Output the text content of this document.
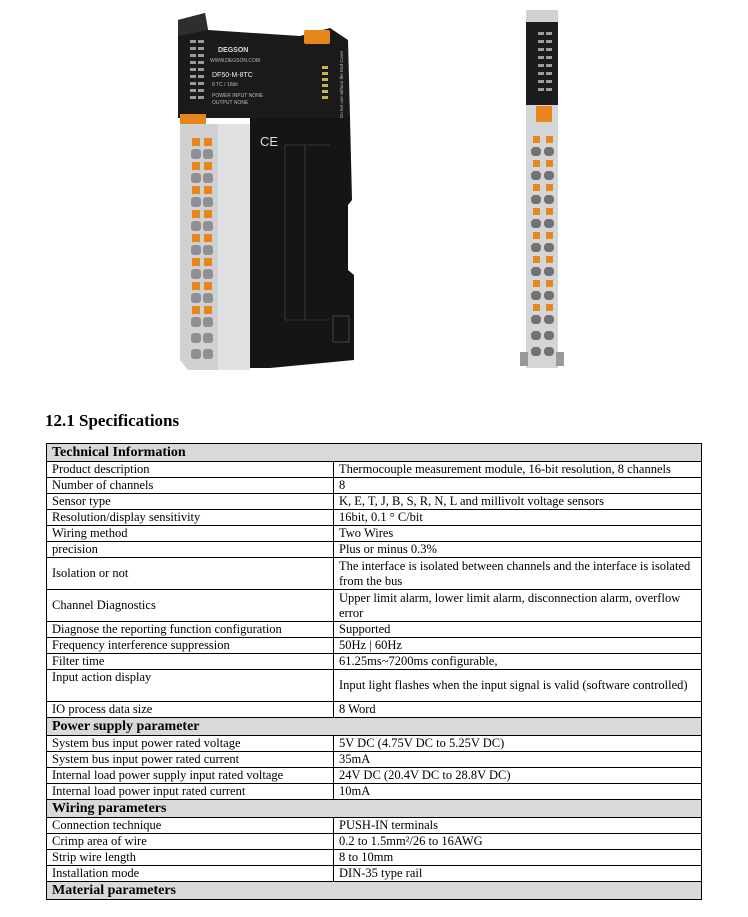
DEGSON
WWW.DEGSON.COM
DF50-M-8TC
8 TC / 16bit
POWER INPUT NONE
OUTPUT NONE	Do not use without the End Cover
CE
12.1 Specifications
Technical Information	
Product description	Thermocouple measurement module, 16-bit resolution, 8 channels
Number of channels	8
Sensor type	K, E, T, J, B, S, R, N, L and millivolt voltage sensors
Resolution/display sensitivity	16bit, 0.1 ° C/bit
Wiring method	Two Wires
precision	Plus or minus 0.3%
Isolation or not	The interface is isolated between channels and the interface is isolated from the bus
Channel Diagnostics	Upper limit alarm, lower limit alarm, disconnection alarm, overflow error
Diagnose the reporting function configuration	Supported
Frequency interference suppression	50Hz | 60Hz
Filter time	61.25ms~7200ms configurable,
Input action display	Input light flashes when the input signal is valid (software controlled)
IO process data size	8 Word
Power supply parameter	
System bus input power rated voltage	5V DC (4.75V DC to 5.25V DC)
System bus input power rated current	35mA
Internal load power supply input rated voltage	24V DC (20.4V DC to 28.8V DC)
Internal load power input rated current	10mA
Wiring parameters	
Connection technique	PUSH-IN terminals
Crimp area of wire	0.2 to 1.5mm²/26 to 16AWG
Strip wire length	8 to 10mm
Installation mode	DIN-35 type rail
Material parameters	
